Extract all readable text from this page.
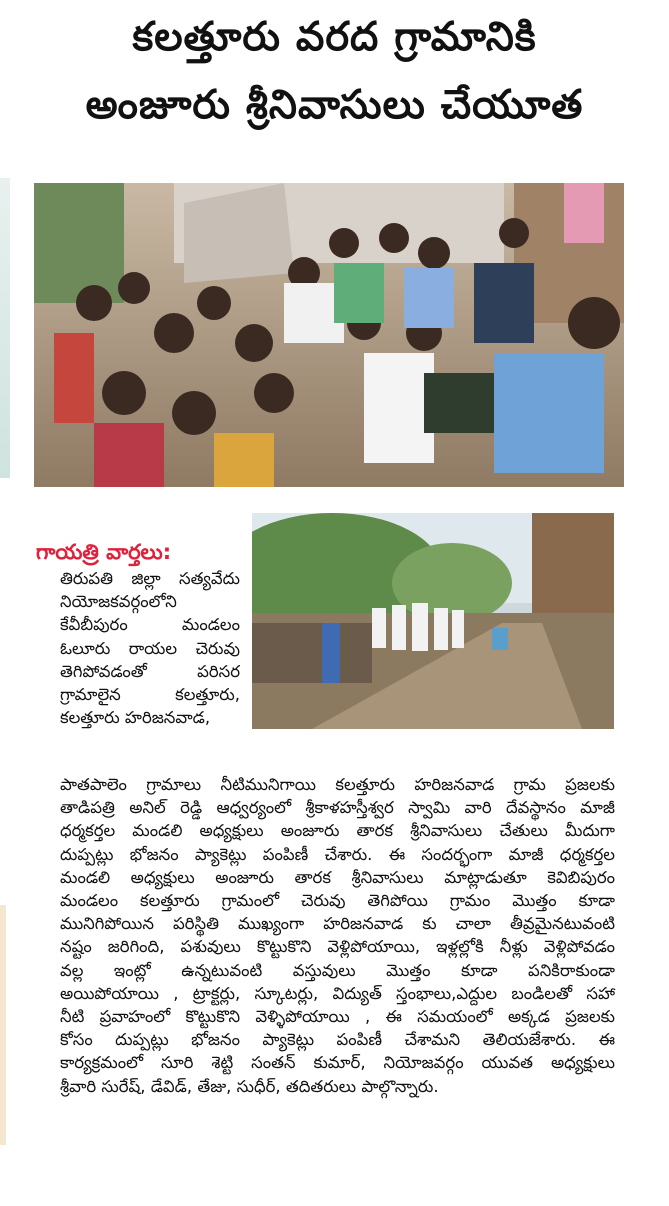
కలత్తూరు వరద గ్రామానికి
అంజూరు శ్రీనివాసులు చేయూత
గాయత్రి వార్తలు:

తిరుపతి జిల్లా సత్యవేదు

నియోజకవర్గంలోని

కేవీబీపురం మండలం

ఓలూరు రాయల చెరువు

తెగిపోవడంతో పరిసర

గ్రామాలైన కలత్తూరు,

కలత్తూరు హరిజనవాడ,

పాతపాలెం గ్రామాలు నీటిమునిగాయి కలత్తూరు హరిజనవాడ గ్రామ ప్రజలకు
తాడిపత్రి అనిల్ రెడ్డి ఆధ్వర్యంలో శ్రీకాళహస్తీశ్వర స్వామి వారి దేవస్థానం మాజీ
ధర్మకర్తల మండలి అధ్యక్షులు అంజూరు తారక శ్రీనివాసులు చేతులు మీదుగా
దుప్పట్లు భోజనం ప్యాకెట్లు పంపిణీ చేశారు. ఈ సందర్భంగా మాజీ ధర్మకర్తల
మండలి అధ్యక్షులు అంజూరు తారక శ్రీనివాసులు మాట్లాడుతూ కెవిబిపురం
మండలం కలత్తూరు గ్రామంలో చెరువు తెగిపోయి గ్రామం మొత్తం కూడా
మునిగిపోయిన పరిస్థితి ముఖ్యంగా హరిజనవాడ కు చాలా తీవ్రమైనటువంటి
నష్టం జరిగింది, పశువులు కొట్టుకొని వెళ్లిపోయాయి, ఇళ్లల్లోకి నీళ్లు వెళ్లిపోవడం
వల్ల ఇంట్లో ఉన్నటువంటి వస్తువులు మొత్తం కూడా పనికిరాకుండా
అయిపోయాయి , ట్రాక్టర్లు, స్కూటర్లు, విద్యుత్ స్తంభాలు,ఎద్దుల బండిలతో సహా
నీటి ప్రవాహంలో కొట్టుకొని వెళ్ళిపోయాయి , ఈ సమయంలో అక్కడ ప్రజలకు
కోసం దుప్పట్లు భోజనం ప్యాకెట్లు పంపిణీ చేశామని తెలియజేశారు. ఈ
కార్యక్రమంలో సూరి శెట్టి సంతన్ కుమార్, నియోజవర్గం యువత అధ్యక్షులు
శ్రీవారి సురేష్, డేవిడ్, తేజు, సుధీర్, తదితరులు పాల్గొన్నారు.
